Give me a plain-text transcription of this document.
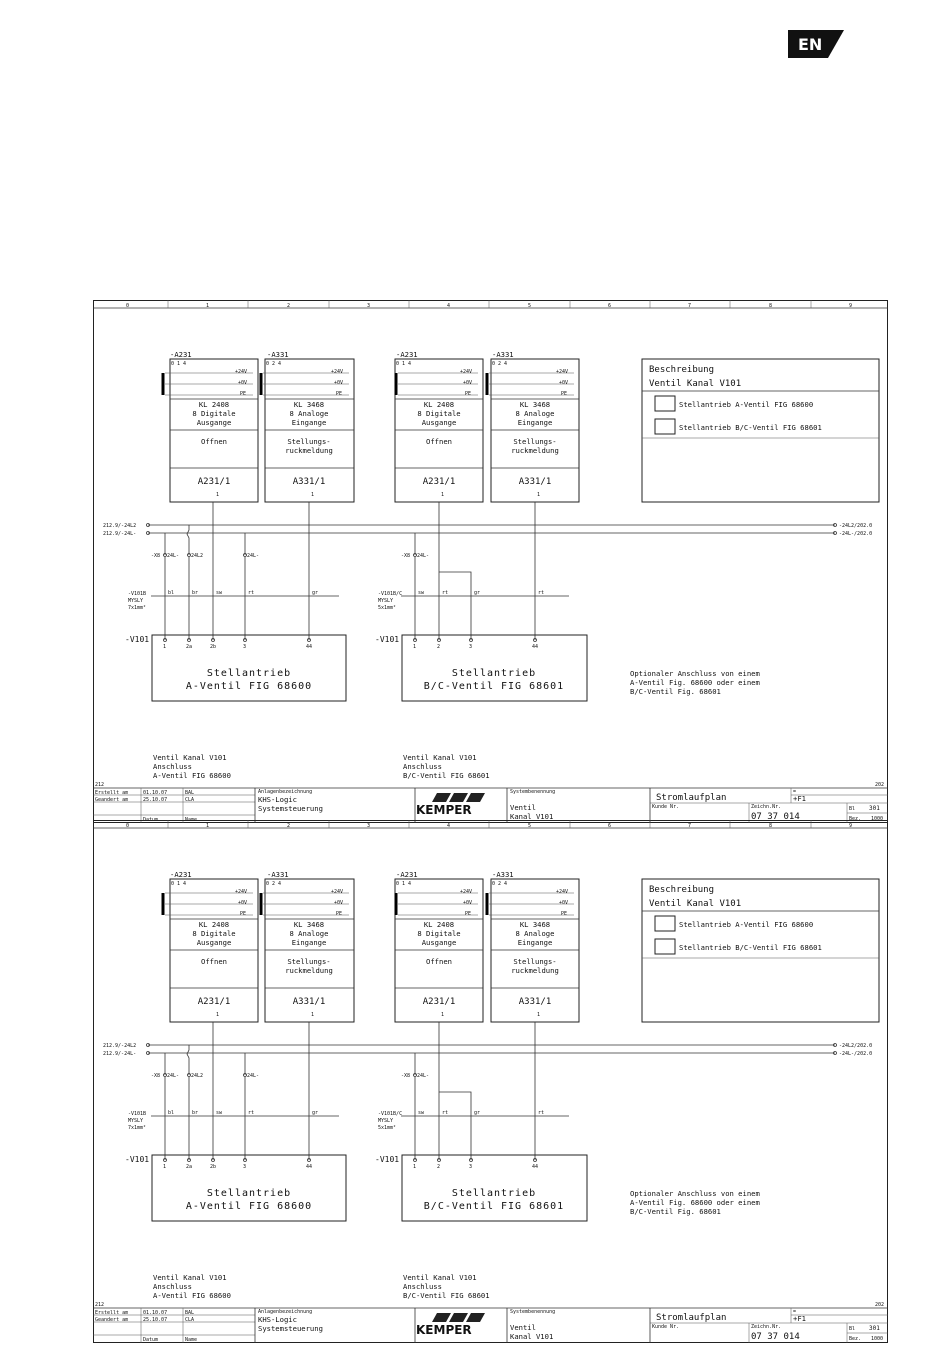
EN
0	1	2	3	4	5	6	7	8	9
-A231
0 1 4
+24V
+0V
PE
KL 2408
8 Digitale
Ausgange
Offnen
A231/1
1
-A331
0 2 4
+24V
+0V
PE
KL 3468
8 Analoge
Eingange
Stellungs-
ruckmeldung
A331/1
1
-A231
0 1 4
+24V
+0V
PE
KL 2408
8 Digitale
Ausgange
Offnen
A231/1
1
-A331
0 2 4
+24V
+0V
PE
KL 3468
8 Analoge
Eingange
Stellungs-
ruckmeldung
A331/1
1
Beschreibung
Ventil Kanal V101
Stellantrieb A-Ventil FIG 68600
Stellantrieb B/C-Ventil FIG 68601
212.9/-24L2
212.9/-24L-
-24L2/202.0
-24L-/202.0
-X8 24L- 24L2	24L-
-V101B
MYSLY
7x1mm²
bl	br	sw	rt	gr
-V101
1	2a	2b	3	44
Stellantrieb
A-Ventil FIG 68600
Ventil Kanal V101
Anschluss
A-Ventil FIG 68600
-X8 24L-
-V101B/C
MYSLY
5x1mm²
sw	rt	gr	rt
-V101
1	2	3	44
Stellantrieb
B/C-Ventil FIG 68601
Ventil Kanal V101
Anschluss
B/C-Ventil FIG 68601
Optionaler Anschluss von einem
A-Ventil Fig. 68600 oder einem
B/C-Ventil Fig. 68601
212	202
Erstellt am	01.10.07	BAL
Geandert am	25.10.07	CLA
Datum	Name
Anlagenbezeichnung
KHS-Logic
Systemsteuerung	KEMPER
Systembenennung
Ventil
Kanal V101
Stromlaufplan
Kunde Nr.	Zeichn.Nr.
07 37 014
=
+F1
Bl 301
Bez. 1000
0	1	2	3	4	5	6	7	8	9
-A231
0 1 4
+24V
+0V
PE
KL 2408
8 Digitale
Ausgange
Offnen
A231/1
1
-A331
0 2 4
+24V
+0V
PE
KL 3468
8 Analoge
Eingange
Stellungs-
ruckmeldung
A331/1
1
-A231
0 1 4
+24V
+0V
PE
KL 2408
8 Digitale
Ausgange
Offnen
A231/1
1
-A331
0 2 4
+24V
+0V
PE
KL 3468
8 Analoge
Eingange
Stellungs-
ruckmeldung
A331/1
1
Beschreibung
Ventil Kanal V101
Stellantrieb A-Ventil FIG 68600
Stellantrieb B/C-Ventil FIG 68601
212.9/-24L2
212.9/-24L-
-24L2/202.0
-24L-/202.0
-X8 24L- 24L2	24L-
-V101B
MYSLY
7x1mm²
bl	br	sw	rt	gr
-V101
1	2a	2b	3	44
Stellantrieb
A-Ventil FIG 68600
Ventil Kanal V101
Anschluss
A-Ventil FIG 68600
-X8 24L-
-V101B/C
MYSLY
5x1mm²
sw	rt	gr	rt
-V101
1	2	3	44
Stellantrieb
B/C-Ventil FIG 68601
Ventil Kanal V101
Anschluss
B/C-Ventil FIG 68601
Optionaler Anschluss von einem
A-Ventil Fig. 68600 oder einem
B/C-Ventil Fig. 68601
212	202
Erstellt am	01.10.07	BAL
Geandert am	25.10.07	CLA
Datum	Name
Anlagenbezeichnung
KHS-Logic
Systemsteuerung	KEMPER
Systembenennung
Ventil
Kanal V101
Stromlaufplan
Kunde Nr.	Zeichn.Nr.
07 37 014
=
+F1
Bl 301
Bez. 1000
